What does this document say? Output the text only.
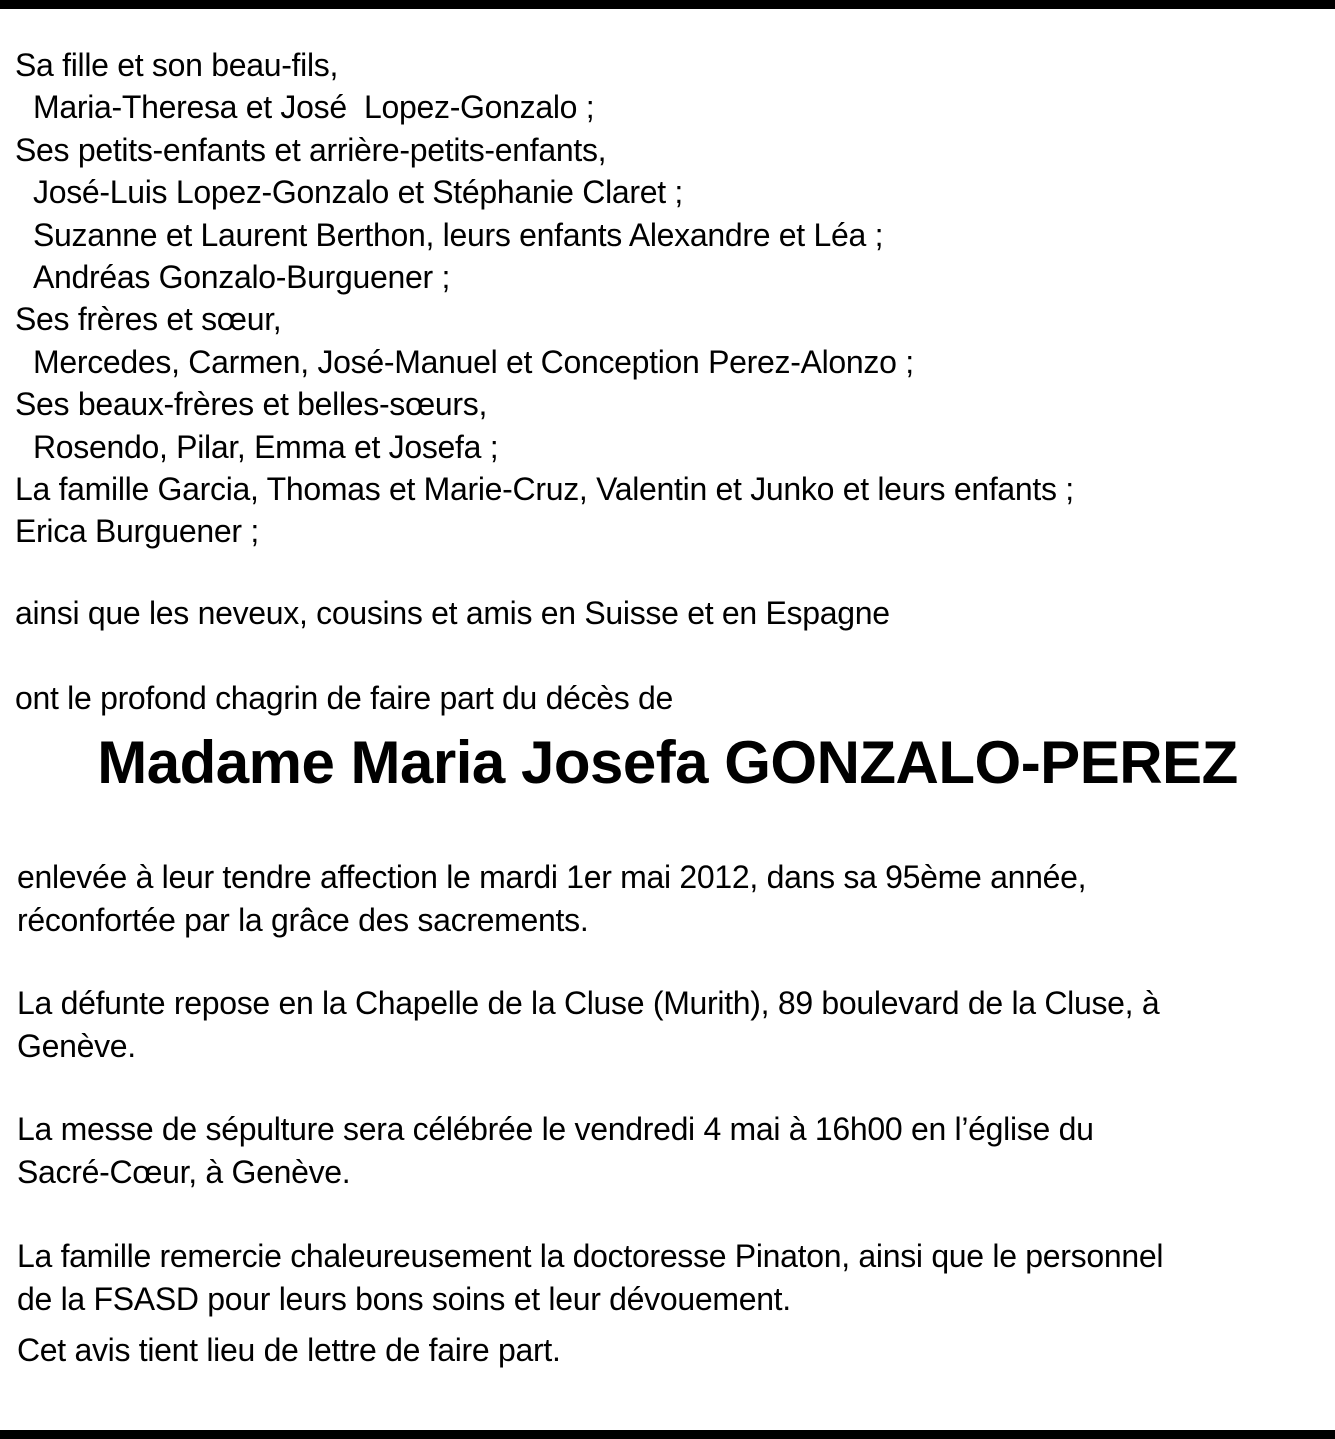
Sa fille et son beau-fils,
Maria-Theresa et José  Lopez-Gonzalo ;
Ses petits-enfants et arrière-petits-enfants,
José-Luis Lopez-Gonzalo et Stéphanie Claret ;
Suzanne et Laurent Berthon, leurs enfants Alexandre et Léa ;
Andréas Gonzalo-Burguener ;
Ses frères et sœur,
Mercedes, Carmen, José-Manuel et Conception Perez-Alonzo ;
Ses beaux-frères et belles-sœurs,
Rosendo, Pilar, Emma et Josefa ;
La famille Garcia, Thomas et Marie-Cruz, Valentin et Junko et leurs enfants ;
Erica Burguener ;
ainsi que les neveux, cousins et amis en Suisse et en Espagne
ont le profond chagrin de faire part du décès de
Madame Maria Josefa GONZALO-PEREZ
enlevée à leur tendre affection le mardi 1er mai 2012, dans sa 95ème année,
réconfortée par la grâce des sacrements.
La défunte repose en la Chapelle de la Cluse (Murith), 89 boulevard de la Cluse, à
Genève.
La messe de sépulture sera célébrée le vendredi 4 mai à 16h00 en l’église du
Sacré-Cœur, à Genève.
La famille remercie chaleureusement la doctoresse Pinaton, ainsi que le personnel
de la FSASD pour leurs bons soins et leur dévouement.
Cet avis tient lieu de lettre de faire part.
